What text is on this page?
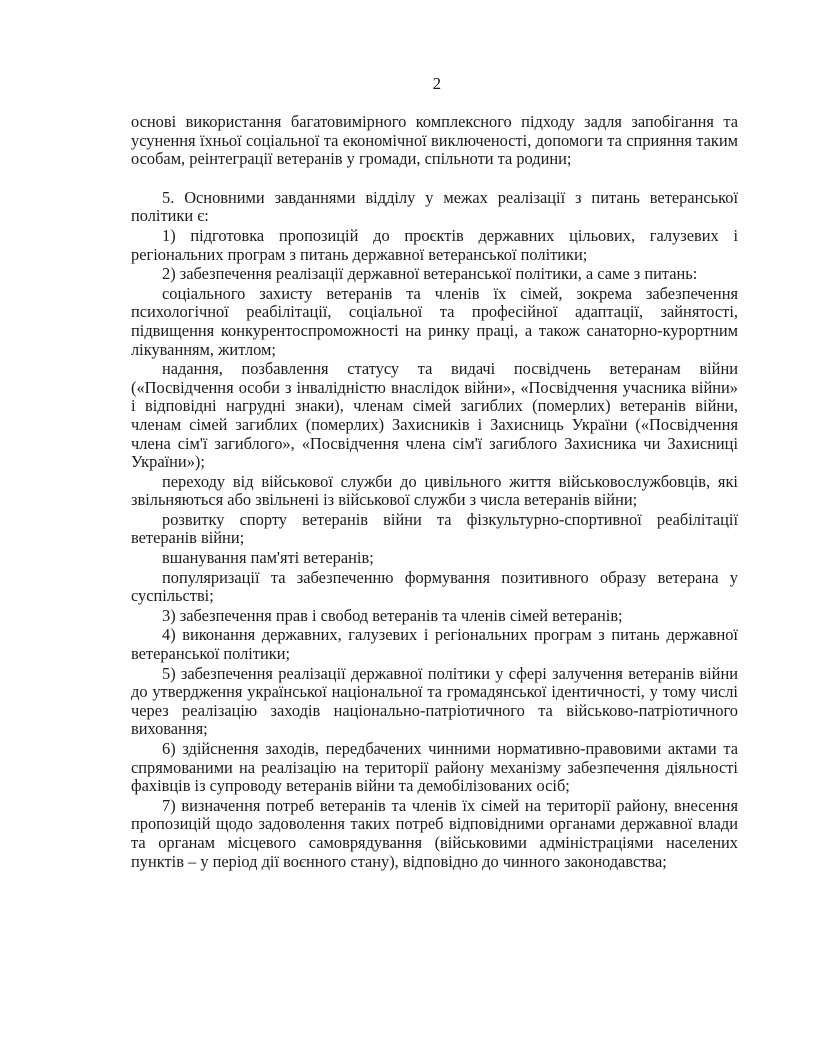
2

основі використання багатовимірного комплексного підходу задля запобігання та усунення їхньої соціальної та економічної виключеності, допомоги та сприяння таким особам, реінтеграції ветеранів у громади, спільноти та родини;

5. Основними завданнями відділу у межах реалізації з питань ветеранської політики є:

1) підготовка пропозицій до проєктів державних цільових, галузевих і регіональних програм з питань державної ветеранської політики;

2) забезпечення реалізації державної ветеранської політики, а саме з питань:

соціального захисту ветеранів та членів їх сімей, зокрема забезпечення психологічної реабілітації, соціальної та професійної адаптації, зайнятості, підвищення конкурентоспроможності на ринку праці, а також санаторно-курортним лікуванням, житлом;

надання, позбавлення статусу та видачі посвідчень ветеранам війни («Посвідчення особи з інвалідністю внаслідок війни», «Посвідчення учасника війни» і відповідні нагрудні знаки), членам сімей загиблих (померлих) ветеранів війни, членам сімей загиблих (померлих) Захисників і Захисниць України («Посвідчення члена сім'ї загиблого», «Посвідчення члена сім'ї загиблого Захисника чи Захисниці України»);

переходу від військової служби до цивільного життя військовослужбовців, які звільняються або звільнені із військової служби з числа ветеранів війни;

розвитку спорту ветеранів війни та фізкультурно-спортивної реабілітації ветеранів війни;

вшанування пам'яті ветеранів;

популяризації та забезпеченню формування позитивного образу ветерана у суспільстві;

3) забезпечення прав і свобод ветеранів та членів сімей ветеранів;

4) виконання державних, галузевих і регіональних програм з питань державної ветеранської політики;

5) забезпечення реалізації державної політики у сфері залучення ветеранів війни до утвердження української національної та громадянської ідентичності, у тому числі через реалізацію заходів національно-патріотичного та військово-патріотичного виховання;

6) здійснення заходів, передбачених чинними нормативно-правовими актами та спрямованими на реалізацію на території району механізму забезпечення діяльності фахівців із супроводу ветеранів війни та демобілізованих осіб;

7) визначення потреб ветеранів та членів їх сімей на території району, внесення пропозицій щодо задоволення таких потреб відповідними органами державної влади та органам місцевого самоврядування (військовими адміністраціями населених пунктів – у період дії воєнного стану), відповідно до чинного законодавства;
